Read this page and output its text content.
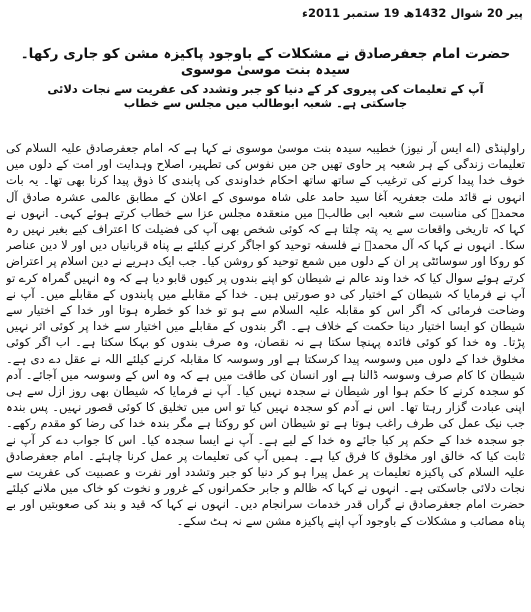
پیر 20 شوال 1432ھ 19 ستمبر 2011ء
حضرت امام جعفرصادق نے مشکلات کے باوجود پاکیزہ مشن کو جاری رکھا۔ سیدہ بنت موسیٰ موسوی

آپ کے تعلیمات کی پیروی کر کے دنیا کو جبر وتشدد کی عفریت سے نجات دلائی جاسکتی ہے۔ شعبہ ابوطالب میں مجلس سے خطاب

راولپنڈی (اے ایس آر نیوز) خطیبہ سیدہ بنت موسیٰ موسوی نے کہا ہے کہ امام جعفرصادق علیہ السلام کی تعلیمات زندگی کے ہر شعبہ پر حاوی تھیں جن میں نفوس کی تطہیر، اصلاح وہدایت اور امت کے دلوں میں خوف خدا پیدا کرنے کی ترغیب کے ساتھ ساتھ احکام خداوندی کی پابندی کا ذوق پیدا کرنا بھی تھا۔ یہ بات انہوں نے قائد ملت جعفریہ آغا سید حامد علی شاہ موسوی کے اعلان کے مطابق عالمی عشرہ صادق آل محمدؐ کی مناسبت سے شعبہ ابی طالبؑ میں منعقدہ مجلس عزا سے خطاب کرتے ہوئے کہی۔ انہوں نے کہا کہ تاریخی واقعات سے یہ پتہ چلتا ہے کہ کوئی شخص بھی آپ کی فضیلت کا اعتراف کیے بغیر نہیں رہ سکا۔ انہوں نے کہا کہ آل محمدؐ نے فلسفہ توحید کو اجاگر کرنے کیلئے بے پناہ قربانیاں دیں اور لا دین عناصر کو روکا اور سوسائٹی پر ان کے دلوں میں شمع توحید کو روشن کیا۔ جب ایک دہریے نے دین اسلام پر اعتراض کرتے ہوئے سوال کیا کہ خدا وند عالم نے شیطان کو اپنے بندوں پر کیوں قابو دیا ہے کہ وہ انہیں گمراہ کرے تو آپ نے فرمایا کہ شیطان کے اختیار کی دو صورتیں ہیں۔ خدا کے مقابلے میں پابندوں کے مقابلے میں۔ آپ نے وضاحت فرمائی کہ اگر اس کو مقابلہ علیہ السلام سے ہو تو خدا کو خطرہ ہوتا اور خدا کے اختیار سے شیطان کو ایسا اختیار دینا حکمت کے خلاف ہے۔ اگر بندوں کے مقابلے میں اختیار سے خدا پر کوئی اثر نہیں پڑتا۔ وہ خدا کو کوئی فائدہ پہنچا سکتا ہے نہ نقصان، وہ صرف بندوں کو بہکا سکتا ہے۔ اب اگر کوئی مخلوق خدا کے دلوں میں وسوسہ پیدا کرسکتا ہے اور وسوسہ کا مقابلہ کرنے کیلئے اللہ نے عقل دے دی ہے۔ شیطان کا کام صرف وسوسہ ڈالنا ہے اور انسان کی طاقت میں ہے کہ وہ اس کے وسوسہ میں آجائے۔ آدم کو سجدہ کرنے کا حکم ہوا اور شیطان نے سجدہ نہیں کیا۔ آپ نے فرمایا کہ شیطان بھی روز ازل سے ہی اپنی عبادت گزار رہتا تھا۔ اس نے آدم کو سجدہ نہیں کیا تو اس میں تخلیق کا کوئی قصور نہیں۔ پس بندہ جب نیک عمل کی طرف راغب ہوتا ہے تو شیطان اس کو روکتا ہے مگر بندہ خدا کی رضا کو مقدم رکھے۔ جو سجدہ خدا کے حکم پر کیا جائے وہ خدا کے لیے ہے۔ آپ نے ایسا سجدہ کیا۔ اس کا جواب دے کر آپ نے ثابت کیا کہ خالق اور مخلوق کا فرق کیا ہے۔ ہمیں آپ کی تعلیمات پر عمل کرنا چاہئے۔ امام جعفرصادق علیہ السلام کی پاکیزہ تعلیمات پر عمل پیرا ہو کر دنیا کو جبر وتشدد اور نفرت و عصبیت کی عفریت سے نجات دلائی جاسکتی ہے۔ انہوں نے کہا کہ ظالم و جابر حکمرانوں کے غرور و نخوت کو خاک میں ملانے کیلئے حضرت امام جعفرصادق نے گراں قدر خدمات سرانجام دیں۔ انہوں نے کہا کہ قید و بند کی صعوبتیں اور بے پناہ مصائب و مشکلات کے باوجود آپ اپنے پاکیزہ مشن سے نہ ہٹ سکے۔
